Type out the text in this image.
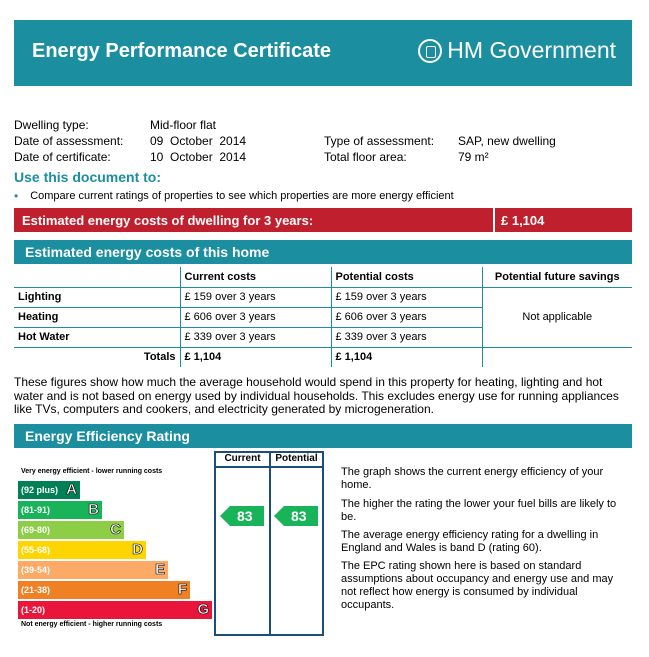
Energy Performance Certificate	HM Government
Dwelling type:	Mid-floor flat
Date of assessment: 09  October  2014
Date of certificate:	10  October  2014
Type of assessment: SAP, new dwelling
Total floor area:	79 m²
Use this document to:
• Compare current ratings of properties to see which properties are more energy efficient
Estimated energy costs of dwelling for 3 years:	£ 1,104
Estimated energy costs of this home
	Current costs	Potential costs	Potential future savings
Lighting	£ 159 over 3 years	£ 159 over 3 years	Not applicable
Heating	£ 606 over 3 years	£ 606 over 3 years	
Hot Water	£ 339 over 3 years	£ 339 over 3 years	
Totals	£ 1,104	£ 1,104	
These figures show how much the average household would spend in this property for heating, lighting and hot water and is not based on energy used by individual households. This excludes energy use for running appliances like TVs, computers and cookers, and electricity generated by microgeneration.
Energy Efficiency Rating
Very energy efficient - lower running costs
(92 plus) A
(81-91)	B
(69-80)	C
(55-68)	D
(39-54)	E
(21-38)	F
(1-20)	G
Not energy efficient - higher running costs
Current	Potential
83	83
The graph shows the current energy efficiency of your home.
The higher the rating the lower your fuel bills are likely to be.
The average energy efficiency rating for a dwelling in England and Wales is band D (rating 60).
The EPC rating shown here is based on standard assumptions about occupancy and energy use and may not reflect how energy is consumed by individual occupants.
